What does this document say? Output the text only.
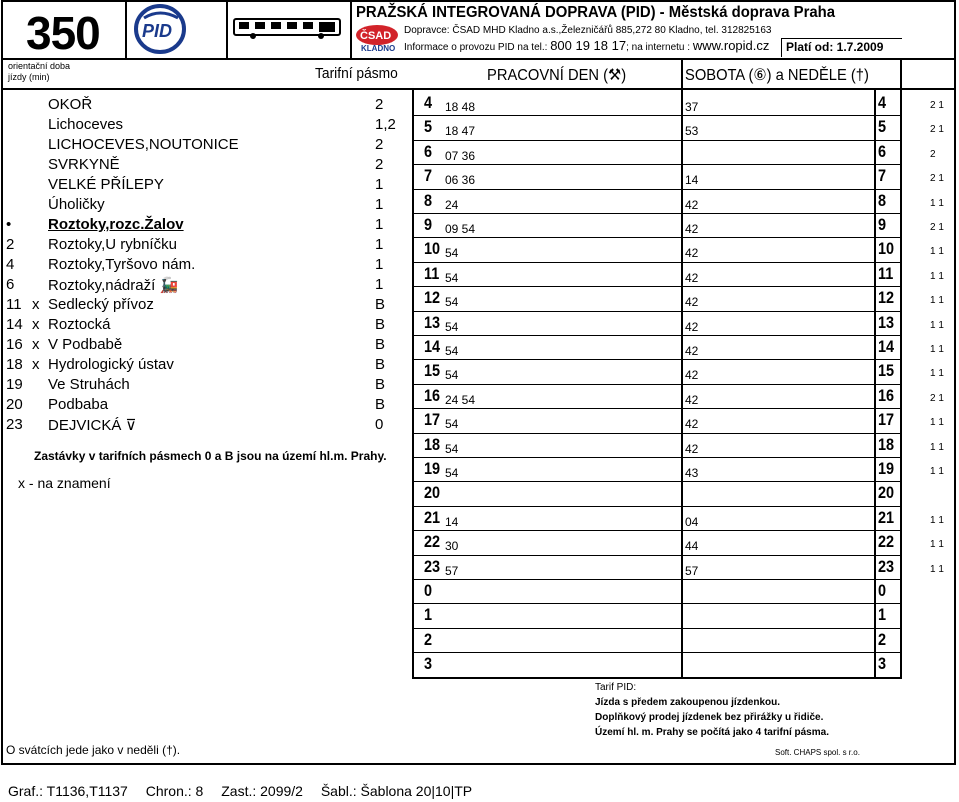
350 PID	ČSAD
KLADNO
PRAŽSKÁ INTEGROVANÁ DOPRAVA (PID) - Městská doprava Praha
Dopravce: ČSAD MHD Kladno a.s.,Železničářů 885,272 80 Kladno, tel. 312825163
Informace o provozu PID na tel.: 800 19 18 17; na internetu : www.ropid.cz Platí od: 1.7.2009
orientační doba jízdy (min)	Tarifní pásmo	PRACOVNÍ DEN (⚒)	SOBOTA (⑥) a NEDĚLE (†)
OKOŘ	2
Lichoceves	1,2
LICHOCEVES,NOUTONICE	2
SVRKYNĚ	2
VELKÉ PŘÍLEPY	1
Úholičky	1
•	Roztoky,rozc.Žalov	1
2	Roztoky,U rybníčku	1
4	Roztoky,Tyršovo nám.	1
6	Roztoky,nádraží 🚂	1
11 x Sedlecký přívoz	B
14 x Roztocká	B
16 x V Podbabě	B
18 x Hydrologický ústav	B
19 Ve Struhách	B
20 Podbaba	B
23 DEJVICKÁ ⊽	0
Zastávky v tarifních pásmech 0 a B jsou na území hl.m. Prahy.
x - na znamení
O svátcích jede jako v neděli (†).
4 18 48	37	4	2 1
5 18 47	53	5	2 1
6 07 36	6	2
7 06 36	14	7	2 1
8 24	42	8	1 1
9 09 54	42	9	2 1
10 54	42	10	1 1
11 54	42	11	1 1
12 54	42	12	1 1
13 54	42	13	1 1
14 54	42	14	1 1
15 54	42	15	1 1
16 24 54	42	16	2 1
17 54	42	17	1 1
18 54	42	18	1 1
19 54	43	19	1 1
20	20
21 14	04	21	1 1
22 30	44	22	1 1
23 57	57	23	1 1
0	0
1	1
2	2
3	3
Tarif PID:
Jízda s předem zakoupenou jízdenkou.
Doplňkový prodej jízdenek bez přirážky u řidiče.
Území hl. m. Prahy se počítá jako 4 tarifní pásma.
Soft. CHAPS spol. s r.o.
Graf.: T1136,T1137 Chron.: 8 Zast.: 2099/2 Šabl.: Šablona 20|10|TP
